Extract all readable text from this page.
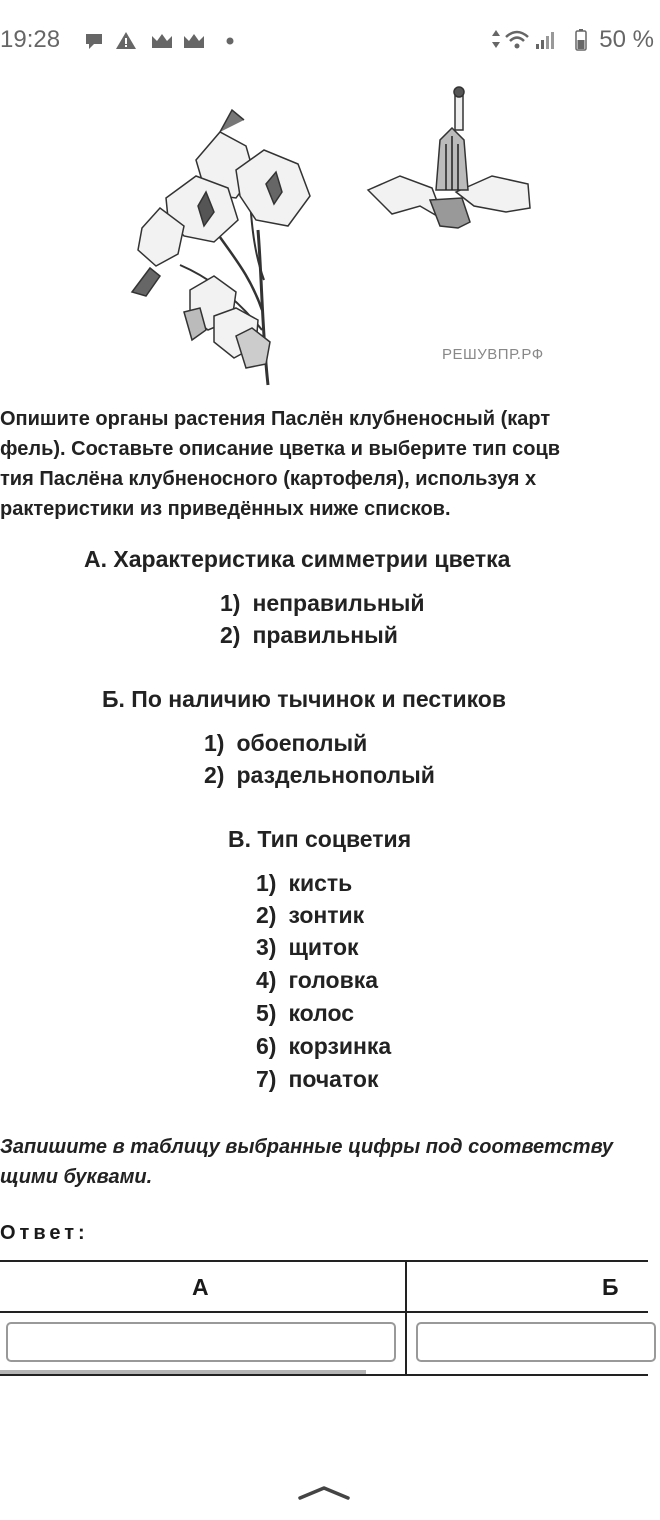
19:28	50 %
РЕШУВПР.РФ
Опишите органы растения Паслён клубненосный (карт
фель). Составьте описание цветка и выберите тип соцв
тия Паслёна клубненосного (картофеля), используя х
рактеристики из приведённых ниже списков.
А. Характеристика симметрии цветка
1) неправильный
2) правильный
Б. По наличию тычинок и пестиков
1) обоеполый
2) раздельнополый
В. Тип соцветия
1) кисть
2) зонтик
3) щиток
4) головка
5) колос
6) корзинка
7) початок
Запишите в таблицу выбранные цифры под соответству
щими буквами.
Ответ:
А	Б
